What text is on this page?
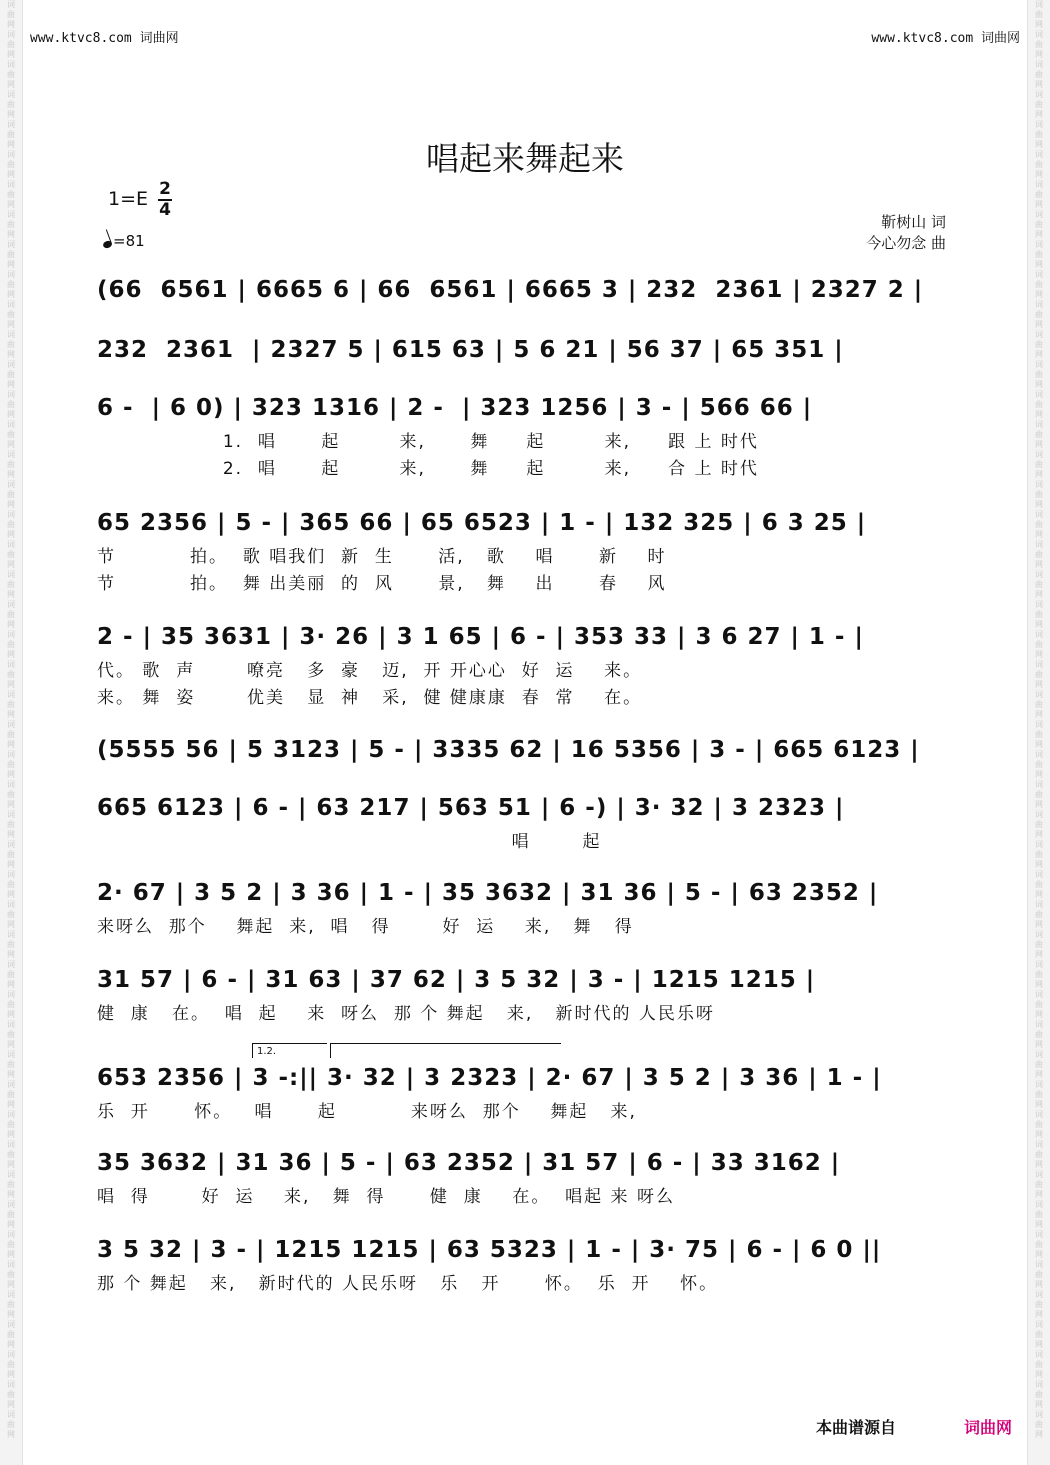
词
曲
网
词
曲
网
词
曲
网
词
曲
网
词
曲
网
词
曲
网
词
曲
网
词
曲
网
词
曲
网
词
曲
网
词
曲
网
词
曲
网
词
曲
网
词
曲
网
词
曲
网
词
曲
网
词
曲
网
词
曲
网
词
曲
网
词
曲
网
词
曲
网
词
曲
网
词
曲
网
词
曲
网
词
曲
网
词
曲
网
词
曲
网
词
曲
网
词
曲
网
词
曲
网
词
曲
网
词
曲
网
词
曲
网
词
曲
网
词
曲
网
词
曲
网
词
曲
网
词
曲
网
词
曲
网
词
曲
网
词
曲
网
词
曲
网
词
曲
网
词
曲
网
词
曲
网
词
曲
网
词
曲
网
词
曲
网
词
曲
网
词
曲
网
词
曲
网
词
曲
网
词
曲
网
词
曲
网
词
曲
网
词
曲
网
词
曲
网
词
曲
网
词
曲
网
词
曲
网
词
曲
网
词
曲
网
词
曲
网
词
曲
网
词
曲
网
词
曲
网
词
曲
网
词
曲
网
词
曲
网
词
曲
网
词
曲
网
词
曲
网
词
曲
网
词
曲
网
词
曲
网
词
曲
网
词
曲
网
词
曲
网
词
曲
网
词
曲
网
词
曲
网
词
曲
网
词
曲
网
词
曲
网
词
曲
网
词
曲
网
词
曲
网
词
曲
网
词
曲
网
词
曲
网
词
曲
网
词
曲
网
词
曲
网
词
曲
网
词
曲
网
词
曲
网
www.ktvc8.com 词曲网	www.ktvc8.com 词曲网
唱起来舞起来
1=E 2
4
=81
靳树山 词
今心勿念 曲
(66  6561 | 6665 6 | 66  6561 | 6665 3 | 232  2361 | 2327 2 |
232  2361  | 2327 5 | 615 63 | 5 6 21 | 56 37 | 65 351 |
6 -  | 6 0) | 323 1316 | 2 -  | 323 1256 | 3 - | 566 66 |
1.  唱      起        来,      舞     起        来,     跟 上 时代
2.  唱      起        来,      舞     起        来,     合 上 时代
65 2356 | 5 - | 365 66 | 65 6523 | 1 - | 132 325 | 6 3 25 |
节          拍。  歌 唱我们  新  生      活,   歌    唱      新    时
节          拍。  舞 出美丽  的  风      景,   舞    出      春    风
2 - | 35 3631 | 3· 26 | 3 1 65 | 6 - | 353 33 | 3 6 27 | 1 - |
代。 歌  声       嘹亮   多  豪   迈,  开 开心心  好  运    来。
来。 舞  姿       优美   显  神   采,  健 健康康  春  常    在。
(5555 56 | 5 3123 | 5 - | 3335 62 | 16 5356 | 3 - | 665 6123 |
665 6123 | 6 - | 63 217 | 563 51 | 6 -) | 3· 32 | 3 2323 |
唱       起
2· 67 | 3 5 2 | 3 36 | 1 - | 35 3632 | 31 36 | 5 - | 63 2352 |
来呀么  那个    舞起  来,  唱   得       好  运    来,   舞   得
31 57 | 6 - | 31 63 | 37 62 | 3 5 32 | 3 - | 1215 1215 |
健  康   在。  唱  起    来  呀么  那 个 舞起   来,   新时代的 人民乐呀
653 2356 | 3 -:|| 3· 32 | 3 2323 | 2· 67 | 3 5 2 | 3 36 | 1 - |
乐  开      怀。   唱      起          来呀么  那个    舞起   来,
35 3632 | 31 36 | 5 - | 63 2352 | 31 57 | 6 - | 33 3162 |
唱  得       好  运    来,   舞  得      健  康    在。  唱起 来 呀么
3 5 32 | 3 - | 1215 1215 | 63 5323 | 1 - | 3· 75 | 6 - | 6 0 ||
那 个 舞起   来,   新时代的 人民乐呀   乐   开      怀。  乐  开    怀。
1.2.
本曲谱源自	词曲网
